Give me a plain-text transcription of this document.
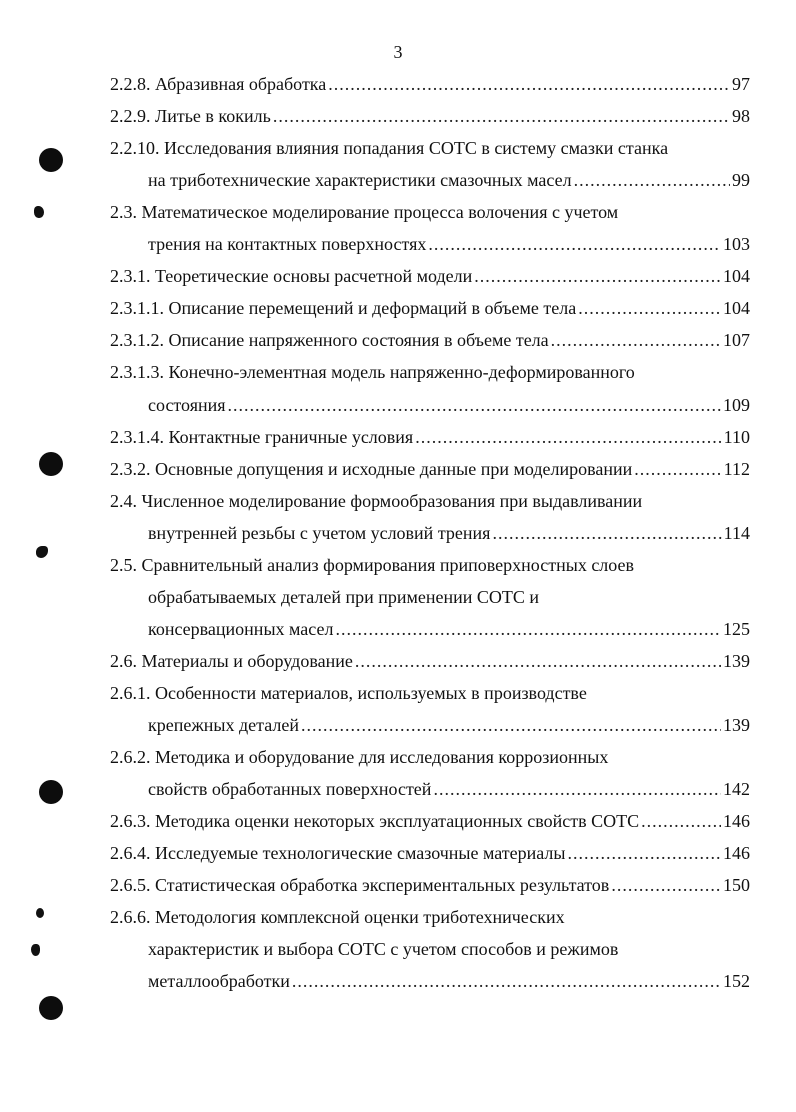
3
2.2.8. Абразивная обработка .....	97
2.2.9. Литье в кокиль .....	98
2.2.10. Исследования влияния попадания СОТС в систему смазки станка
на триботехнические характеристики смазочных масел .....	99
2.3. Математическое моделирование процесса волочения с учетом
трения на контактных поверхностях .....	103
2.3.1. Теоретические основы расчетной модели .....	104
2.3.1.1. Описание перемещений и деформаций в объеме тела .....	104
2.3.1.2. Описание напряженного состояния в объеме тела .....	107
2.3.1.3. Конечно-элементная модель напряженно-деформированного
состояния .....	109
2.3.1.4. Контактные граничные условия .....	110
2.3.2. Основные допущения и исходные данные при моделировании .....	112
2.4. Численное моделирование формообразования при выдавливании
внутренней резьбы с учетом условий трения .....	114
2.5. Сравнительный анализ формирования приповерхностных слоев
обрабатываемых деталей при применении СОТС и
консервационных масел .....	125
2.6. Материалы и оборудование .....	139
2.6.1. Особенности материалов, используемых в производстве
крепежных деталей .....	139
2.6.2. Методика и оборудование для исследования коррозионных
свойств обработанных поверхностей .....	142
2.6.3. Методика оценки некоторых эксплуатационных свойств СОТС .....	146
2.6.4. Исследуемые технологические смазочные материалы .....	146
2.6.5. Статистическая обработка экспериментальных результатов .....	150
2.6.6. Методология комплексной оценки триботехнических
характеристик и выбора СОТС с учетом способов и режимов
металлообработки .....	152
